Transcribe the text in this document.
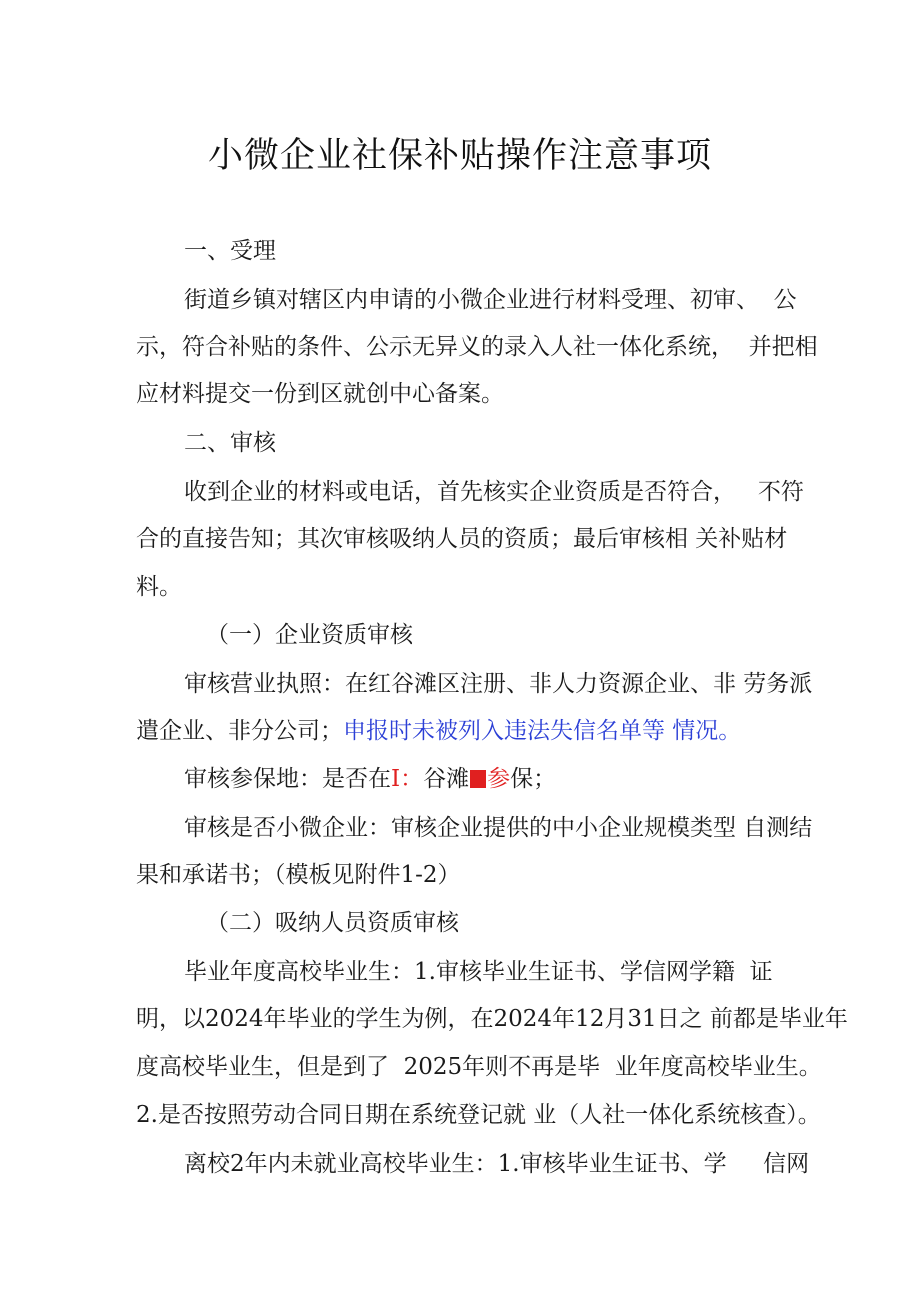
小微企业社保补贴操作注意事项
一、受理
街道乡镇对辖区内申请的小微企业进行材料受理、初审、  公
示，符合补贴的条件、公示无异义的录入人社一体化系统，  并把相
应材料提交一份到区就创中心备案。
二、审核
收到企业的材料或电话，首先核实企业资质是否符合，   不符
合的直接告知；其次审核吸纳人员的资质；最后审核相 关补贴材
料。
（一）企业资质审核
审核营业执照：在红谷滩区注册、非人力资源企业、非 劳务派
遣企业、非分公司；申报时未被列入违法失信名单等 情况。
审核参保地：是否在I：谷滩 参保；
审核是否小微企业：审核企业提供的中小企业规模类型 自测结
果和承诺书；（模板见附件1-2）
（二）吸纳人员资质审核
毕业年度高校毕业生：1.审核毕业生证书、学信网学籍  证
明，以2024年毕业的学生为例，在2024年12月31日之 前都是毕业年
度高校毕业生，但是到了  2025年则不再是毕  业年度高校毕业生。
2.是否按照劳动合同日期在系统登记就 业（人社一体化系统核查）。
离校2年内未就业高校毕业生：1.审核毕业生证书、学     信网
